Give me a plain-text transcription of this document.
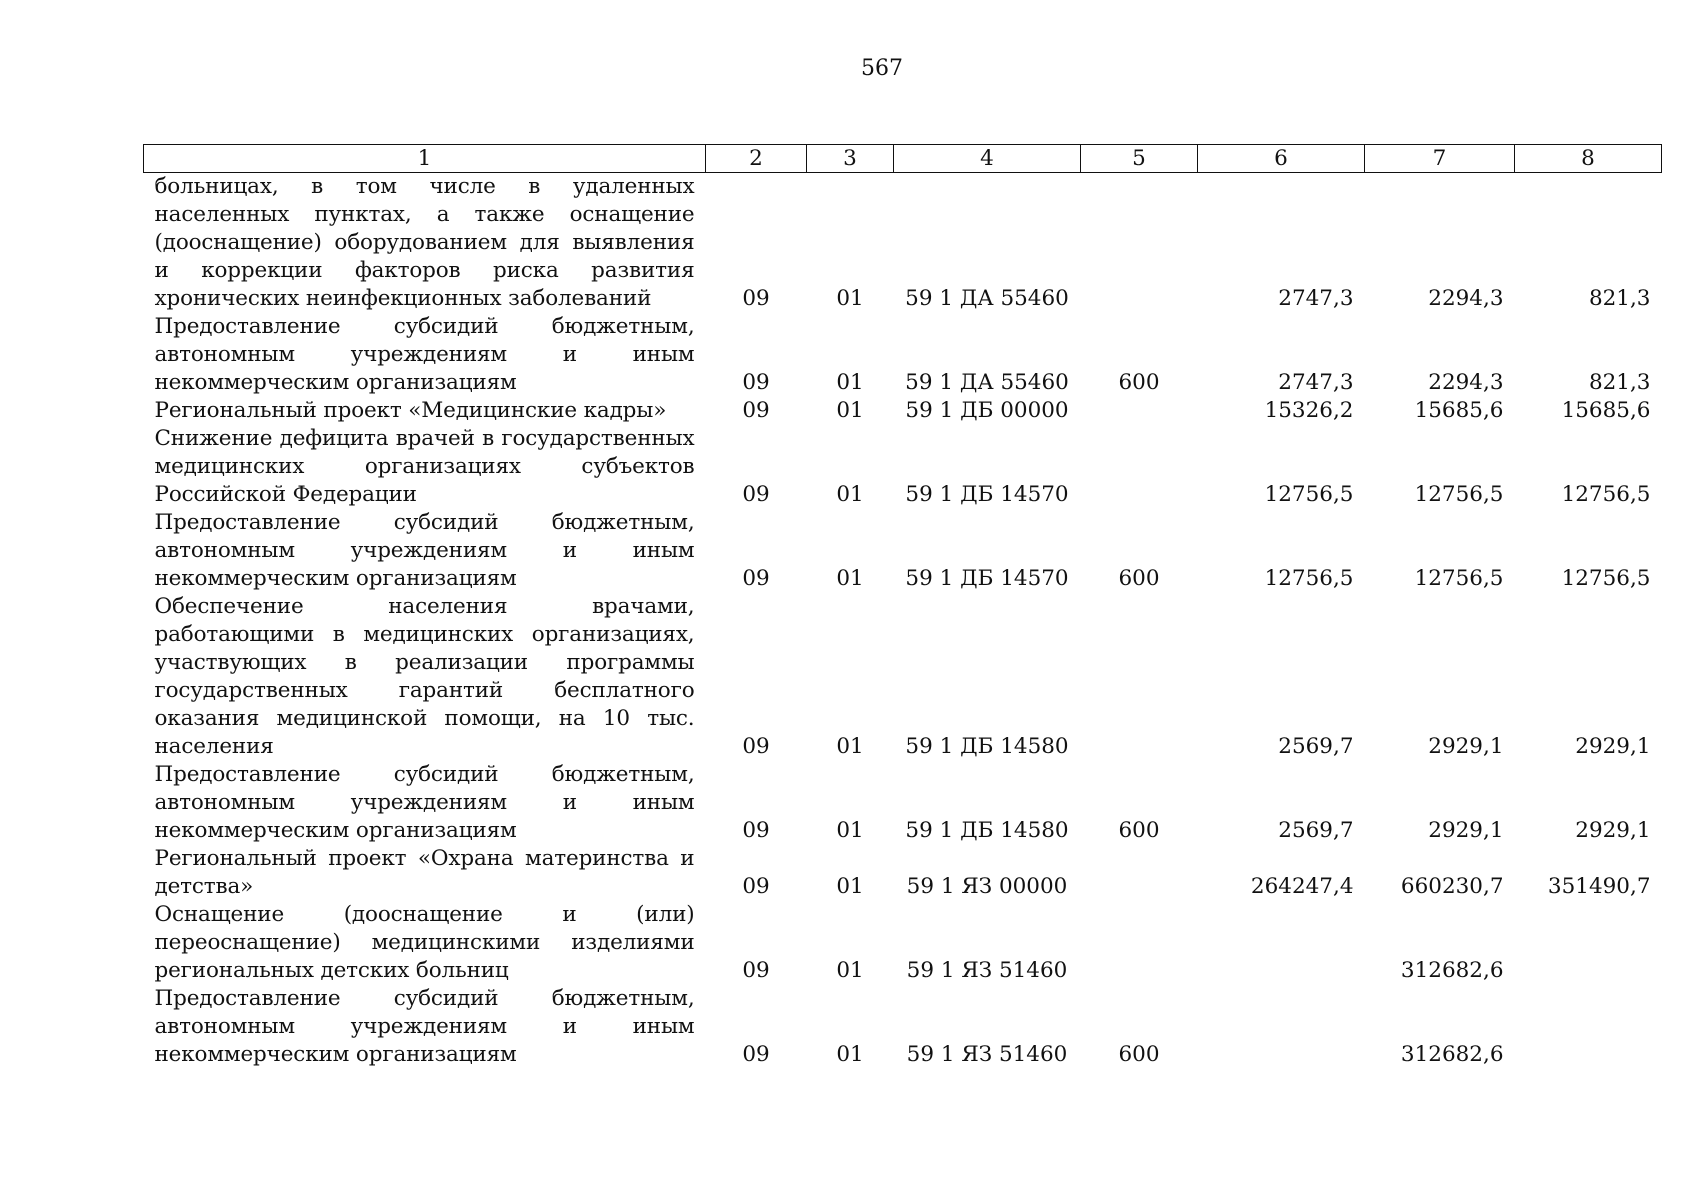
567
1	2	3	4	5	6	7	8
больницах, в том числе в удаленных населенных пунктах, а также оснащение (дооснащение) оборудованием для выявления и коррекции факторов риска развития хронических неинфекционных заболеваний	09	01	59 1 ДА 55460		2747,3	2294,3	821,3
Предоставление субсидий бюджетным, автономным учреждениям и иным некоммерческим организациям	09	01	59 1 ДА 55460	600	2747,3	2294,3	821,3
Региональный проект «Медицинские кадры»	09	01	59 1 ДБ 00000		15326,2	15685,6	15685,6
Снижение дефицита врачей в государственных медицинских организациях субъектов Российской Федерации	09	01	59 1 ДБ 14570		12756,5	12756,5	12756,5
Предоставление субсидий бюджетным, автономным учреждениям и иным некоммерческим организациям	09	01	59 1 ДБ 14570	600	12756,5	12756,5	12756,5
Обеспечение населения врачами, работающими в медицинских организациях, участвующих в реализации программы государственных гарантий бесплатного оказания медицинской помощи, на 10 тыс. населения	09	01	59 1 ДБ 14580		2569,7	2929,1	2929,1
Предоставление субсидий бюджетным, автономным учреждениям и иным некоммерческим организациям	09	01	59 1 ДБ 14580	600	2569,7	2929,1	2929,1
Региональный проект «Охрана материнства и детства»	09	01	59 1 ЯЗ 00000		264247,4	660230,7	351490,7
Оснащение (дооснащение и (или) переоснащение) медицинскими изделиями региональных детских больниц	09	01	59 1 ЯЗ 51460			312682,6	
Предоставление субсидий бюджетным, автономным учреждениям и иным некоммерческим организациям	09	01	59 1 ЯЗ 51460	600		312682,6	
